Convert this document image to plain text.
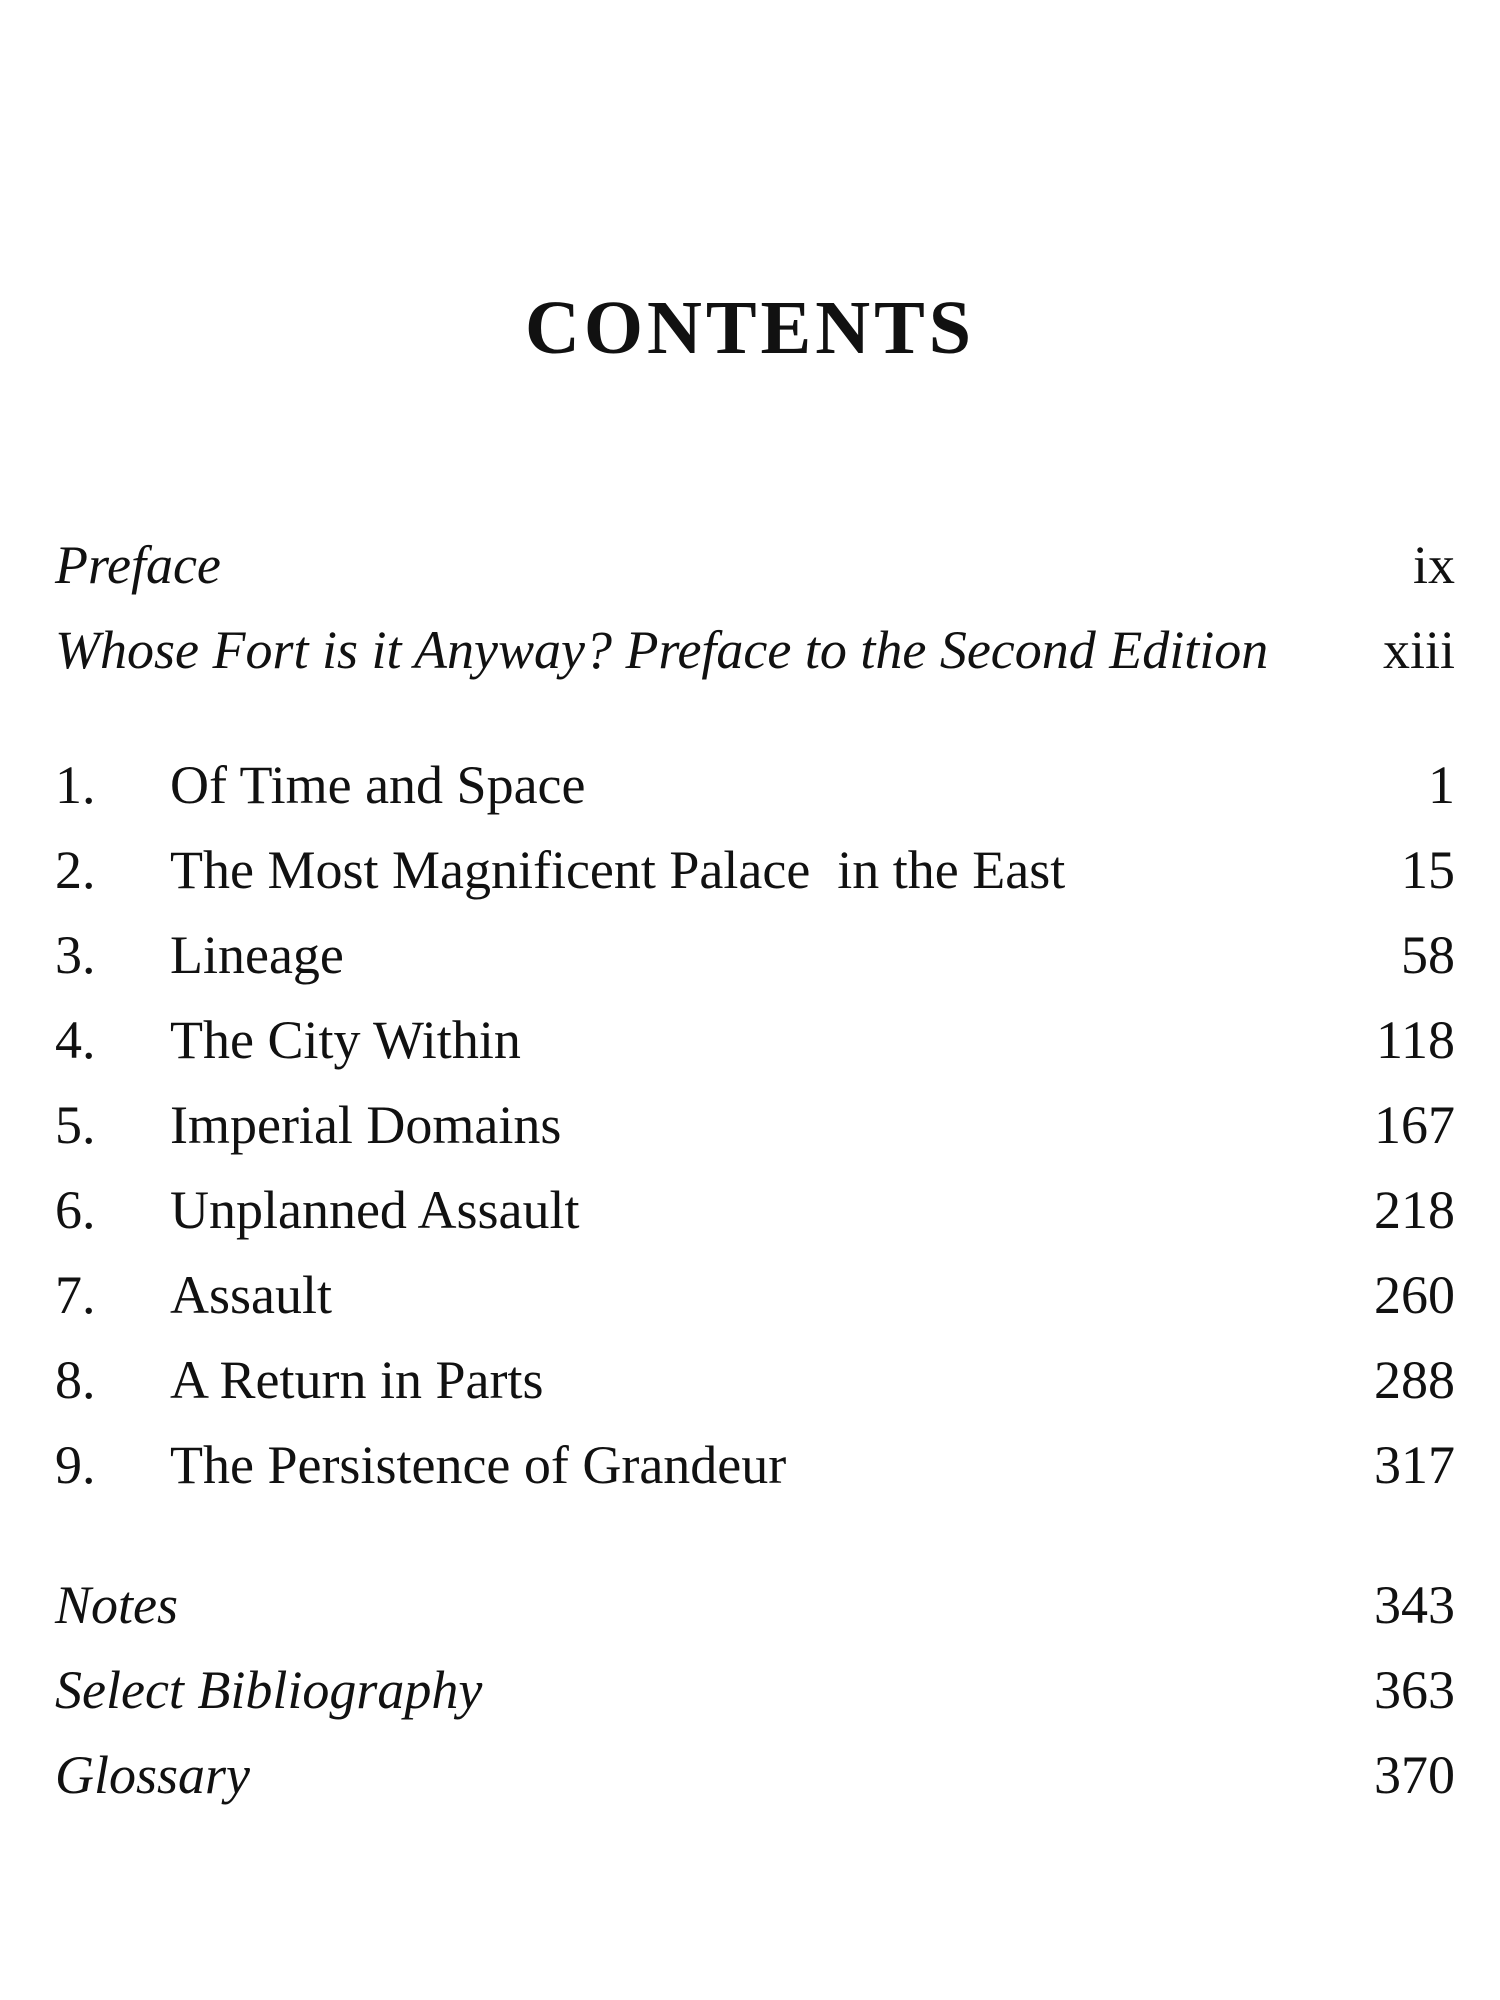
CONTENTS
Preface	ix
Whose Fort is it Anyway? Preface to the Second Edition	xiii
1.	Of Time and Space	1
2.	The Most Magnificent Palace  in the East	15
3.	Lineage	58
4.	The City Within	118
5.	Imperial Domains	167
6.	Unplanned Assault	218
7.	Assault	260
8.	A Return in Parts	288
9.	The Persistence of Grandeur	317
Notes	343
Select Bibliography	363
Glossary	370
